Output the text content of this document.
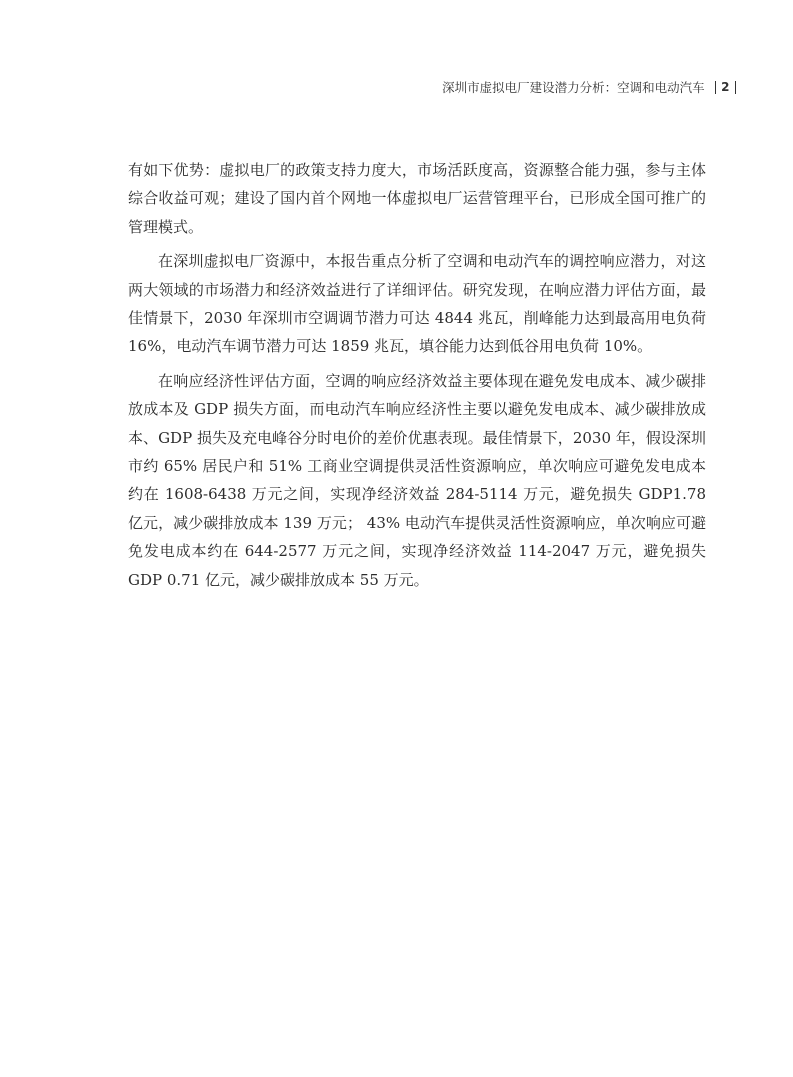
深圳市虚拟电厂建设潜力分析：空调和电动汽车 2

有如下优势：虚拟电厂的政策支持力度大，市场活跃度高，资源整合能力强，参与主体综合收益可观；建设了国内首个网地一体虚拟电厂运营管理平台，已形成全国可推广的管理模式。

在深圳虚拟电厂资源中，本报告重点分析了空调和电动汽车的调控响应潜力，对这两大领域的市场潜力和经济效益进行了详细评估。研究发现，在响应潜力评估方面，最佳情景下，2030 年深圳市空调调节潜力可达 4844 兆瓦，削峰能力达到最高用电负荷 16%，电动汽车调节潜力可达 1859 兆瓦，填谷能力达到低谷用电负荷 10%。

在响应经济性评估方面，空调的响应经济效益主要体现在避免发电成本、减少碳排放成本及 GDP 损失方面，而电动汽车响应经济性主要以避免发电成本、减少碳排放成本、GDP 损失及充电峰谷分时电价的差价优惠表现。最佳情景下，2030 年，假设深圳市约 65% 居民户和 51% 工商业空调提供灵活性资源响应，单次响应可避免发电成本约在 1608-6438 万元之间，实现净经济效益 284-5114 万元，避免损失 GDP1.78 亿元，减少碳排放成本 139 万元； 43% 电动汽车提供灵活性资源响应，单次响应可避免发电成本约在 644-2577 万元之间，实现净经济效益 114-2047 万元，避免损失 GDP 0.71 亿元，减少碳排放成本 55 万元。
